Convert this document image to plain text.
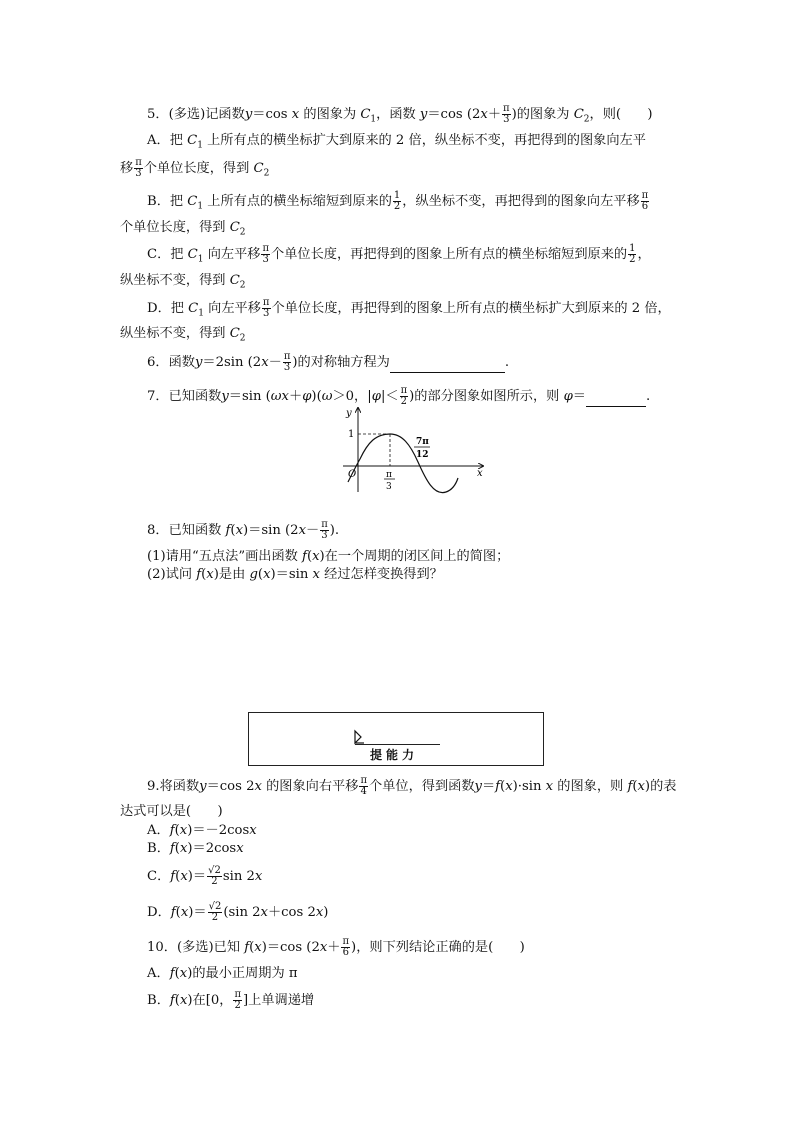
5．(多选)记函数y＝cos x 的图象为 $C_1$，函数 y＝cos ($2x+ \frac{\pi}{3}$ )的图象为 $C_2$，则(　　)
A．把 $C_1$ 上所有点的横坐标扩大到原来的 2 倍，纵坐标不变，再把得到的图象向左平
移 $\frac{\pi}{3}$ 个单位长度，得到 $C_2$
B．把 $C_1$ 上所有点的横坐标缩短到原来的 $\frac{1}{2}$ ，纵坐标不变，再把得到的图象向左平移 $\frac{\pi}{6}$
个单位长度，得到 $C_2$
C．把 $C_1$ 向左平移 $\frac{\pi}{3}$ 个单位长度，再把得到的图象上所有点的横坐标缩短到原来的 $\frac{1}{2}$ ，
纵坐标不变，得到 $C_2$
D．把 $C_1$ 向左平移 $\frac{\pi}{3}$ 个单位长度，再把得到的图象上所有点的横坐标扩大到原来的 2 倍，
纵坐标不变，得到 $C_2$
6．函数y＝2sin ($2x- \frac{\pi}{3}$ )的对称轴方程为	.
7．已知函数y＝sin (ωx＋φ)(ω＞0，$|\varphi|< \frac{\pi}{2}$ )的部分图象如图所示，则 φ＝	.
y
x
O
1
π
3
7π
12
8．已知函数 f(x)＝sin ($2x- \frac{\pi}{3}$ ).
(1)请用“五点法”画出函数 f(x)在一个周期的闭区间上的简图；
(2)试问 f(x)是由 g(x)＝sin x 经过怎样变换得到？
提能力
9.将函数y＝cos 2x 的图象向右平移 $\frac{\pi}{4}$ 个单位，得到函数y＝f(x)·sin x 的图象，则 f(x)的表
达式可以是(　　)
A．f(x)＝－2cosx
B．f(x)＝2cosx
C．$f(x)= \frac{√2}{2}$ sin 2x
D．$f(x)= \frac{√2}{2} (\sin$ 2x＋cos 2x)
10．(多选)已知 f(x)＝cos ($2x+ \frac{\pi}{6}$ )，则下列结论正确的是(　　)
A．f(x)的最小正周期为 π
B．f(x)在[0， $\frac{\pi}{2}$ ]上单调递增
